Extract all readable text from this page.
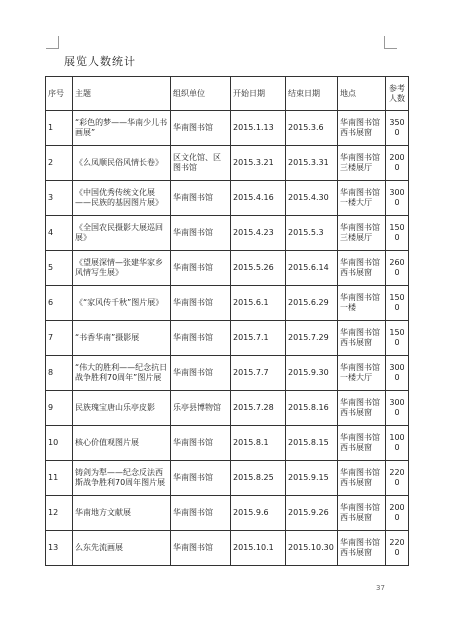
展览人数统计
序号	主题	组织单位	开始日期	结束日期	地点	参考人数
1	“彩色的梦——华南少儿书画展”	华南图书馆	2015.1.13	2015.3.6	华南图书馆西书展窗	3500
2	《么凤顺民俗风情长卷》	区文化馆、区图书馆	2015.3.21	2015.3.31	华南图书馆三楼展厅	2000
3	《中国优秀传统文化展——民族的基因图片展》	华南图书馆	2015.4.16	2015.4.30	华南图书馆一楼大厅	3000
4	《全国农民摄影大展巡回展》	华南图书馆	2015.4.23	2015.5.3	华南图书馆三楼展厅	1500
5	《望展深情—张建华家乡风情写生展》	华南图书馆	2015.5.26	2015.6.14	华南图书馆西书展窗	2600
6	《“家风传千秋”图片展》	华南图书馆	2015.6.1	2015.6.29	华南图书馆一楼	1500
7	“书香华南”摄影展	华南图书馆	2015.7.1	2015.7.29	华南图书馆西书展窗	1500
8	“伟大的胜利——纪念抗日战争胜利70周年”图片展	华南图书馆	2015.7.7	2015.9.30	华南图书馆一楼大厅	3000
9	民族瑰宝唐山乐亭皮影	乐亭县博物馆	2015.7.28	2015.8.16	华南图书馆西书展窗	3000
10	核心价值观图片展	华南图书馆	2015.8.1	2015.8.15	华南图书馆西书展窗	1000
11	铸剑为犁——纪念反法西斯战争胜利70周年图片展	华南图书馆	2015.8.25	2015.9.15	华南图书馆西书展窗	2200
12	华南地方文献展	华南图书馆	2015.9.6	2015.9.26	华南图书馆西书展窗	2000
13	么东先流画展	华南图书馆	2015.10.1	2015.10.30	华南图书馆西书展窗	2200
37
